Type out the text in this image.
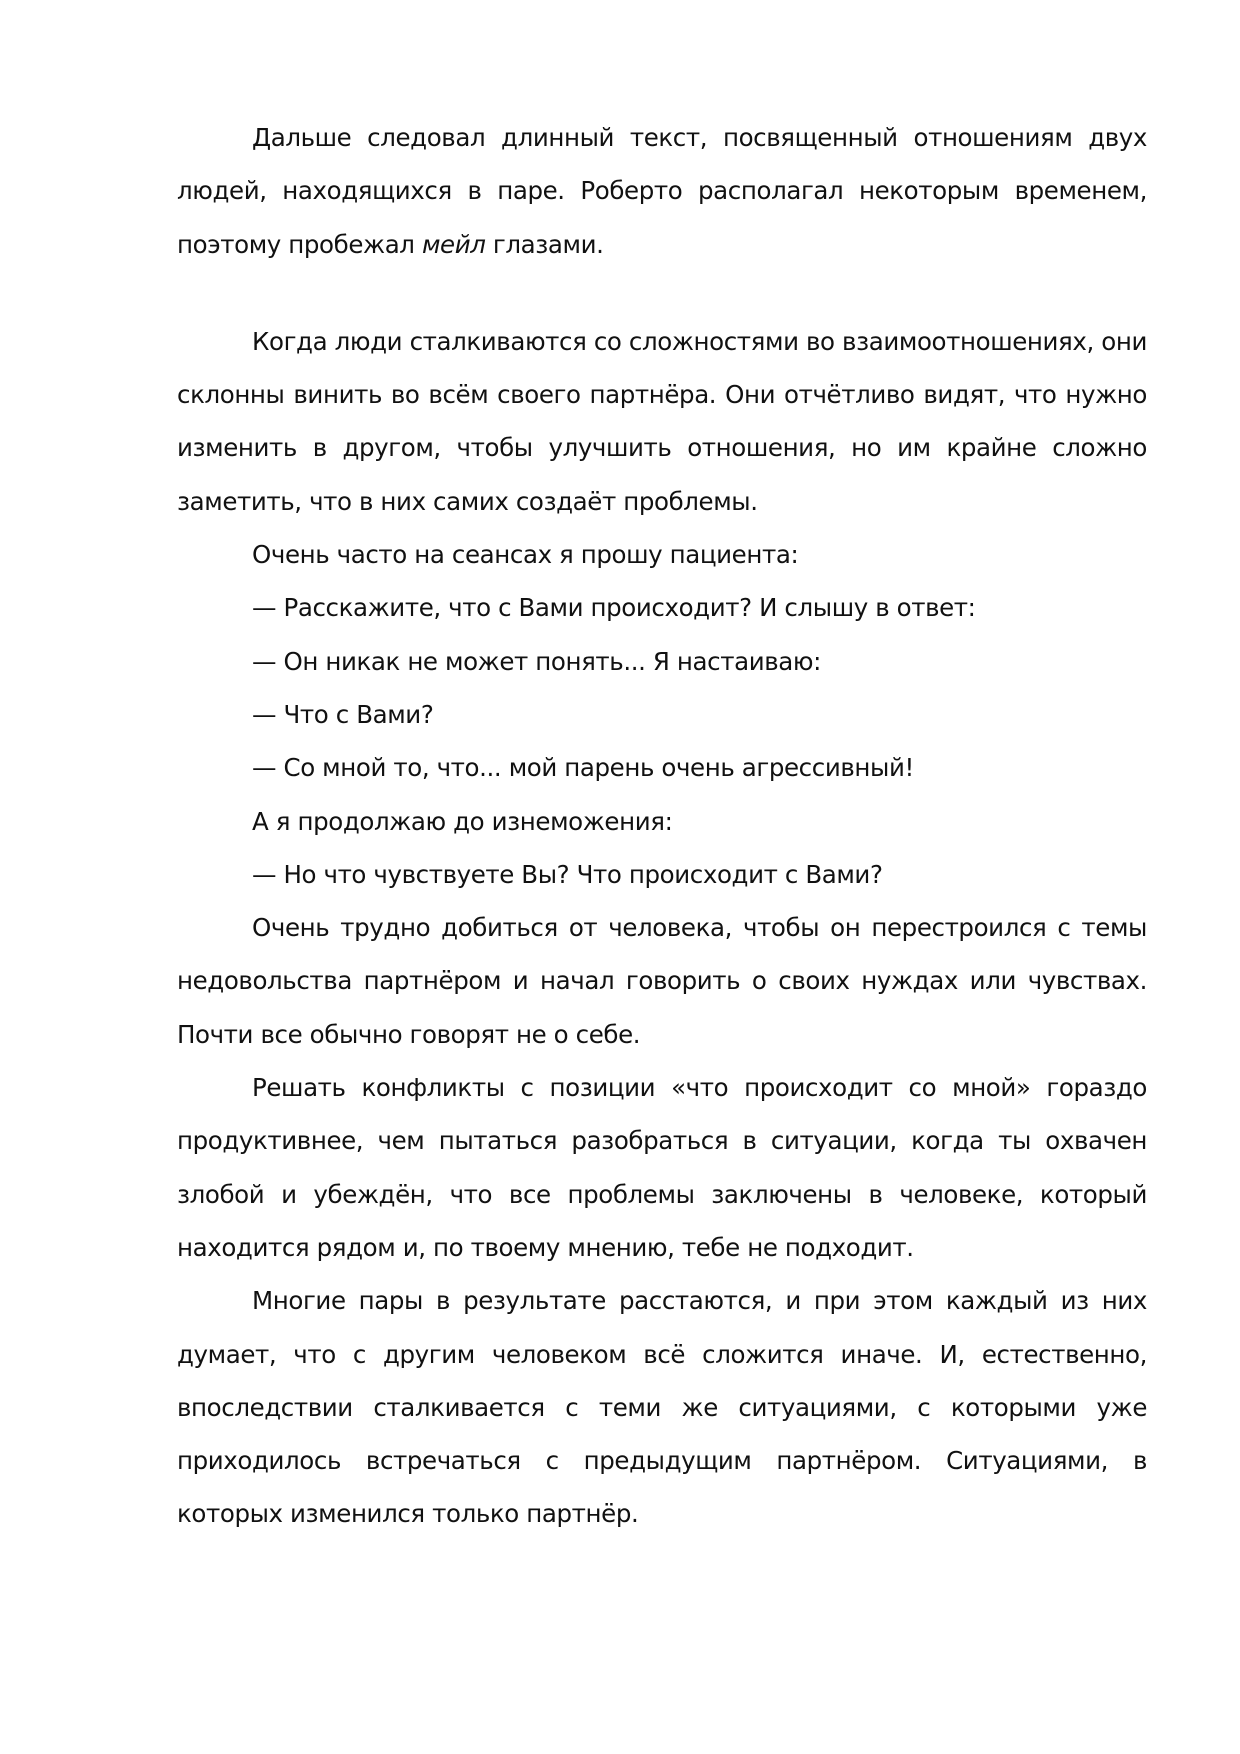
Дальше следовал длинный текст, посвященный отношениям двух людей, находящихся в паре. Роберто располагал некоторым временем, поэтому пробежал мейл глазами.

Когда люди сталкиваются со сложностями во взаимоотношениях, они склонны винить во всём своего партнёра. Они отчётливо видят, что нужно изменить в другом, чтобы улучшить отношения, но им крайне сложно заметить, что в них самих создаёт проблемы.

Очень часто на сеансах я прошу пациента:

— Расскажите, что с Вами происходит? И слышу в ответ:

— Он никак не может понять... Я настаиваю:

— Что с Вами?

— Со мной то, что... мой парень очень агрессивный!

А я продолжаю до изнеможения:

— Но что чувствуете Вы? Что происходит с Вами?

Очень трудно добиться от человека, чтобы он перестроился с темы недовольства партнёром и начал говорить о своих нуждах или чувствах. Почти все обычно говорят не о себе.

Решать конфликты с позиции «что происходит со мной» гораздо продуктивнее, чем пытаться разобраться в ситуации, когда ты охвачен злобой и убеждён, что все проблемы заключены в человеке, который находится рядом и, по твоему мнению, тебе не подходит.

Многие пары в результате расстаются, и при этом каждый из них думает, что с другим человеком всё сложится иначе. И, естественно, впоследствии сталкивается с теми же ситуациями, с которыми уже приходилось встречаться с предыдущим партнёром. Ситуациями, в которых изменился только партнёр.
